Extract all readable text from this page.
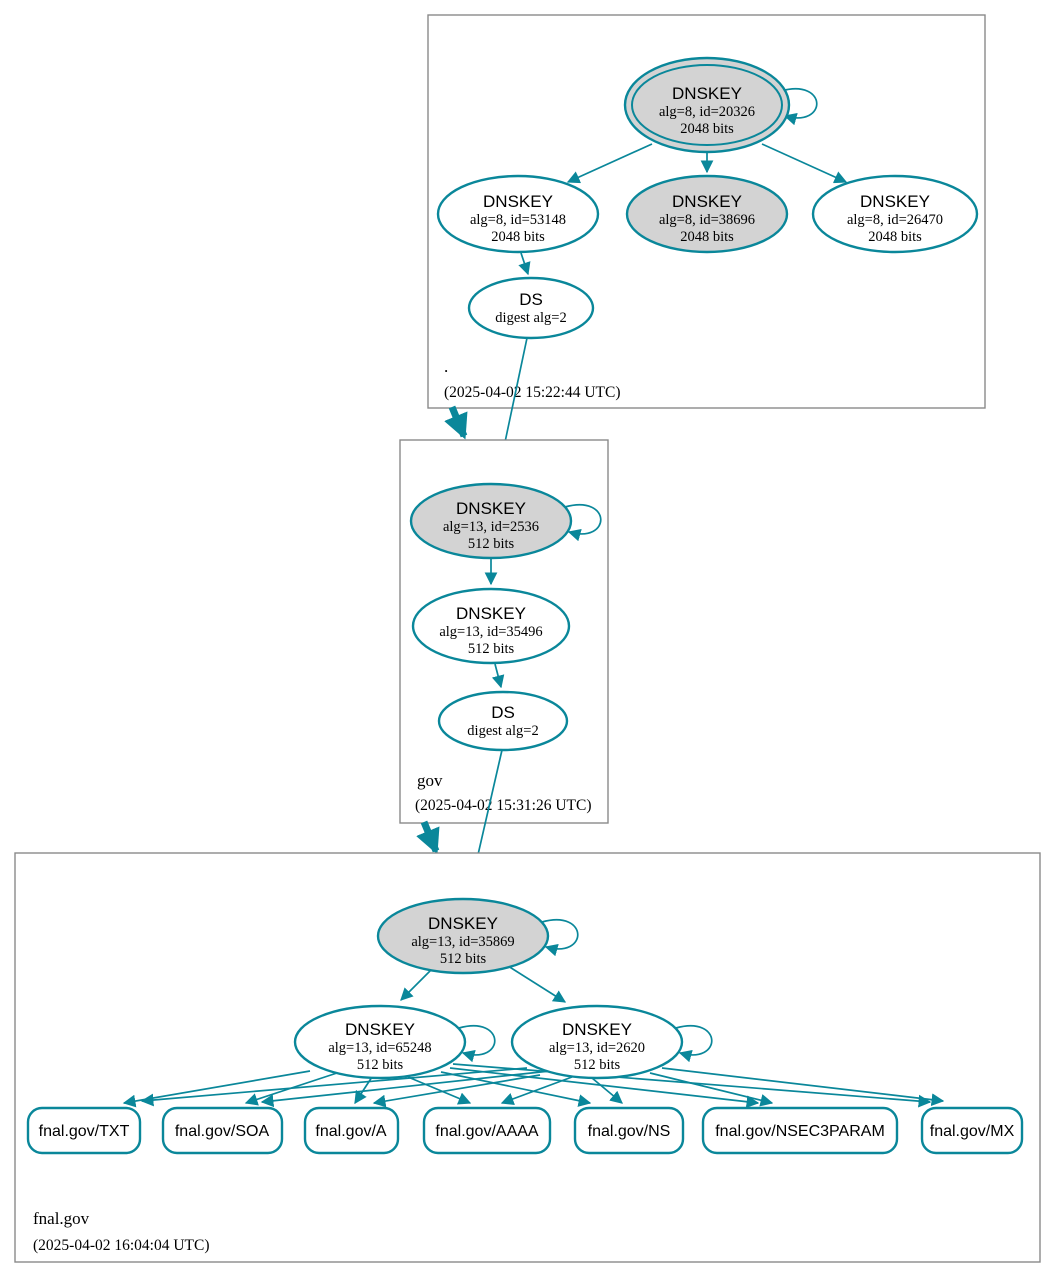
DNSKEY
alg=8, id=20326
2048 bits
DNSKEY
alg=8, id=53148
2048 bits
DNSKEY
alg=8, id=38696
2048 bits
DNSKEY
alg=8, id=26470
2048 bits
DS
digest alg=2
.
(2025-04-02 15:22:44 UTC)
DNSKEY
alg=13, id=2536
512 bits
DNSKEY
alg=13, id=35496
512 bits
DS
digest alg=2
gov
(2025-04-02 15:31:26 UTC)
DNSKEY
alg=13, id=35869
512 bits
DNSKEY
alg=13, id=65248
512 bits
DNSKEY
alg=13, id=2620
512 bits
fnal.gov/TXT	fnal.gov/SOA	fnal.gov/A	fnal.gov/AAAA	fnal.gov/NS	fnal.gov/NSEC3PARAM	fnal.gov/MX
fnal.gov
(2025-04-02 16:04:04 UTC)
